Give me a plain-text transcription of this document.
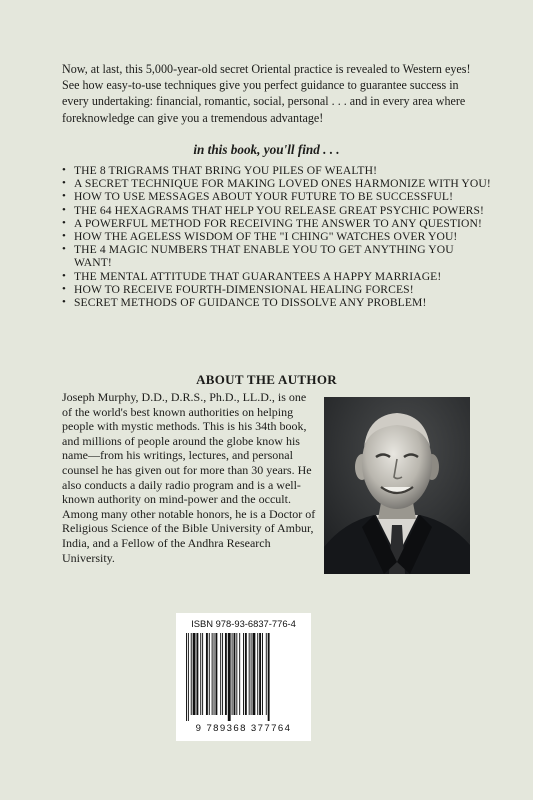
Now, at last, this 5,000-year-old secret Oriental practice is revealed to Western eyes! See how easy-to-use techniques give you perfect guidance to guarantee success in every undertaking: financial, romantic, social, personal . . . and in every area where foreknowledge can give you a tremendous advantage!

in this book, you'll find . . .

• THE 8 TRIGRAMS THAT BRING YOU PILES OF WEALTH!
• A SECRET TECHNIQUE FOR MAKING LOVED ONES HARMONIZE WITH YOU!
• HOW TO USE MESSAGES ABOUT YOUR FUTURE TO BE SUCCESSFUL!
• THE 64 HEXAGRAMS THAT HELP YOU RELEASE GREAT PSYCHIC POWERS!
• A POWERFUL METHOD FOR RECEIVING THE ANSWER TO ANY QUESTION!
• HOW THE AGELESS WISDOM OF THE "I CHING" WATCHES OVER YOU!
• THE 4 MAGIC NUMBERS THAT ENABLE YOU TO GET ANYTHING YOU WANT!
• THE MENTAL ATTITUDE THAT GUARANTEES A HAPPY MARRIAGE!
• HOW TO RECEIVE FOURTH-DIMENSIONAL HEALING FORCES!
• SECRET METHODS OF GUIDANCE TO DISSOLVE ANY PROBLEM!

ABOUT THE AUTHOR

Joseph Murphy, D.D., D.R.S., Ph.D., LL.D., is one of the world's best known authorities on helping people with mystic methods. This is his 34th book, and millions of people around the globe know his name—from his writings, lectures, and personal counsel he has given out for more than 30 years. He also conducts a daily radio program and is a well-known authority on mind-power and the occult. Among many other notable honors, he is a Doctor of Religious Science of the Bible University of Ambur, India, and a Fellow of the Andhra Research University.

ISBN 978-93-6837-776-4
9 789368 377764
